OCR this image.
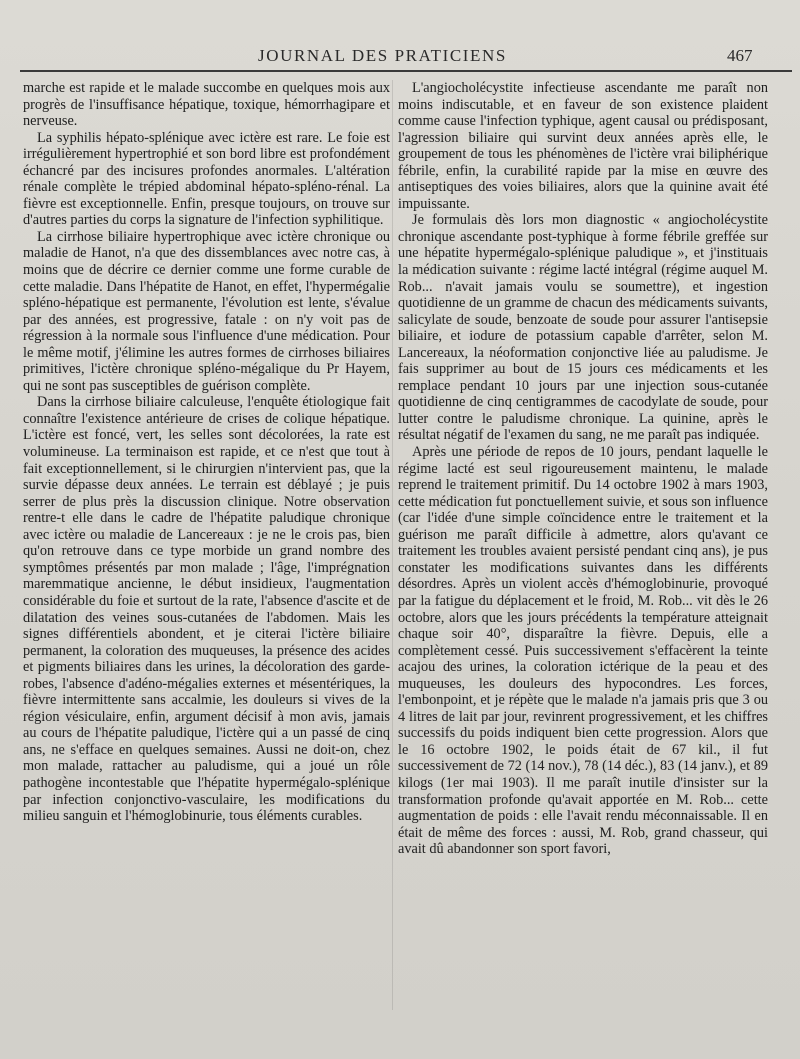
JOURNAL DES PRATICIENS	467

marche est rapide et le malade succombe en quelques mois aux progrès de l'insuffisance hépatique, toxique, hémorrhagipare et nerveuse.

La syphilis hépato-splénique avec ictère est rare. Le foie est irrégulièrement hypertrophié et son bord libre est profondément échancré par des incisures profondes anormales. L'altération rénale complète le trépied abdominal hépato-spléno-rénal. La fièvre est exceptionnelle. Enfin, presque toujours, on trouve sur d'autres parties du corps la signature de l'infection syphilitique.

La cirrhose biliaire hypertrophique avec ictère chronique ou maladie de Hanot, n'a que des dissemblances avec notre cas, à moins que de décrire ce dernier comme une forme curable de cette maladie. Dans l'hépatite de Hanot, en effet, l'hypermégalie spléno-hépatique est permanente, l'évolution est lente, s'évalue par des années, est progressive, fatale : on n'y voit pas de régression à la normale sous l'influence d'une médication. Pour le même motif, j'élimine les autres formes de cirrhoses biliaires primitives, l'ictère chronique spléno-mégalique du Pr Hayem, qui ne sont pas susceptibles de guérison complète.

Dans la cirrhose biliaire calculeuse, l'enquête étiologique fait connaître l'existence antérieure de crises de colique hépatique. L'ictère est foncé, vert, les selles sont décolorées, la rate est volumineuse. La terminaison est rapide, et ce n'est que tout à fait exceptionnellement, si le chirurgien n'intervient pas, que la survie dépasse deux années. Le terrain est déblayé ; je puis serrer de plus près la discussion clinique. Notre observation rentre-t elle dans le cadre de l'hépatite paludique chronique avec ictère ou maladie de Lancereaux : je ne le crois pas, bien qu'on retrouve dans ce type morbide un grand nombre des symptômes présentés par mon malade ; l'âge, l'imprégnation maremmatique ancienne, le début insidieux, l'augmentation considérable du foie et surtout de la rate, l'absence d'ascite et de dilatation des veines sous-cutanées de l'abdomen. Mais les signes différentiels abondent, et je citerai l'ictère biliaire permanent, la coloration des muqueuses, la présence des acides et pigments biliaires dans les urines, la décoloration des garde-robes, l'absence d'adéno-mégalies externes et mésentériques, la fièvre intermittente sans accalmie, les douleurs si vives de la région vésiculaire, enfin, argument décisif à mon avis, jamais au cours de l'hépatite paludique, l'ictère qui a un passé de cinq ans, ne s'efface en quelques semaines. Aussi ne doit-on, chez mon malade, rattacher au paludisme, qui a joué un rôle pathogène incontestable que l'hépatite hypermégalo-splénique par infection conjonctivo-vasculaire, les modifications du milieu sanguin et l'hémoglobinurie, tous éléments curables.

L'angiocholécystite infectieuse ascendante me paraît non moins indiscutable, et en faveur de son existence plaident comme cause l'infection typhique, agent causal ou prédisposant, l'agression biliaire qui survint deux années après elle, le groupement de tous les phénomènes de l'ictère vrai biliphérique fébrile, enfin, la curabilité rapide par la mise en œuvre des antiseptiques des voies biliaires, alors que la quinine avait été impuissante.

Je formulais dès lors mon diagnostic « angiocholécystite chronique ascendante post-typhique à forme fébrile greffée sur une hépatite hypermégalo-splénique paludique », et j'instituais la médication suivante : régime lacté intégral (régime auquel M. Rob... n'avait jamais voulu se soumettre), et ingestion quotidienne de un gramme de chacun des médicaments suivants, salicylate de soude, benzoate de soude pour assurer l'antisepsie biliaire, et iodure de potassium capable d'arrêter, selon M. Lancereaux, la néoformation conjonctive liée au paludisme. Je fais supprimer au bout de 15 jours ces médicaments et les remplace pendant 10 jours par une injection sous-cutanée quotidienne de cinq centigrammes de cacodylate de soude, pour lutter contre le paludisme chronique. La quinine, après le résultat négatif de l'examen du sang, ne me paraît pas indiquée.

Après une période de repos de 10 jours, pendant laquelle le régime lacté est seul rigoureusement maintenu, le malade reprend le traitement primitif. Du 14 octobre 1902 à mars 1903, cette médication fut ponctuellement suivie, et sous son influence (car l'idée d'une simple coïncidence entre le traitement et la guérison me paraît difficile à admettre, alors qu'avant ce traitement les troubles avaient persisté pendant cinq ans), je pus constater les modifications suivantes dans les différents désordres. Après un violent accès d'hémoglobinurie, provoqué par la fatigue du déplacement et le froid, M. Rob... vit dès le 26 octobre, alors que les jours précédents la température atteignait chaque soir 40°, disparaître la fièvre. Depuis, elle a complètement cessé. Puis successivement s'effacèrent la teinte acajou des urines, la coloration ictérique de la peau et des muqueuses, les douleurs des hypocondres. Les forces, l'embonpoint, et je répète que le malade n'a jamais pris que 3 ou 4 litres de lait par jour, revinrent progressivement, et les chiffres successifs du poids indiquent bien cette progression. Alors que le 16 octobre 1902, le poids était de 67 kil., il fut successivement de 72 (14 nov.), 78 (14 déc.), 83 (14 janv.), et 89 kilogs (1er mai 1903). Il me paraît inutile d'insister sur la transformation profonde qu'avait apportée en M. Rob... cette augmentation de poids : elle l'avait rendu méconnaissable. Il en était de même des forces : aussi, M. Rob, grand chasseur, qui avait dû abandonner son sport favori,
